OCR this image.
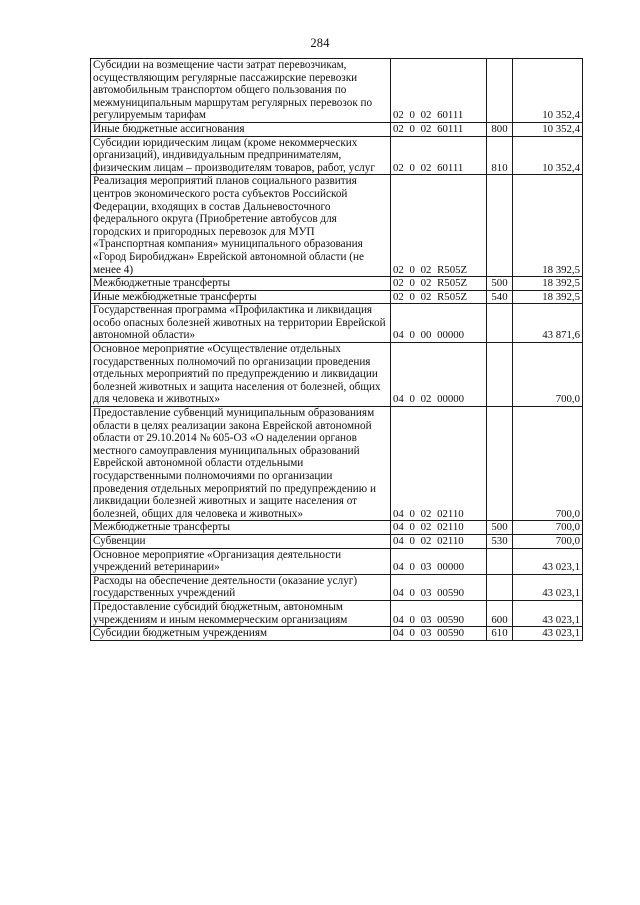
284
Субсидии на возмещение части затрат перевозчикам, осуществляющим регулярные пассажирские перевозки автомобильным транспортом общего пользования по межмуниципальным маршрутам регулярных перевозок по регулируемым тарифам	02 0 02 60111		10 352,4
Иные бюджетные ассигнования	02 0 02 60111	800	10 352,4
Субсидии юридическим лицам (кроме некоммерческих организаций), индивидуальным предпринимателям, физическим лицам – производителям товаров, работ, услуг	02 0 02 60111	810	10 352,4
Реализация мероприятий планов социального развития центров экономического роста субъектов Российской Федерации, входящих в состав Дальневосточного федерального округа (Приобретение автобусов для городских и пригородных перевозок для МУП «Транспортная компания» муниципального образования «Город Биробиджан» Еврейской автономной области (не менее 4)	02 0 02 R505Z		18 392,5
Межбюджетные трансферты	02 0 02 R505Z	500	18 392,5
Иные межбюджетные трансферты	02 0 02 R505Z	540	18 392,5
Государственная программа «Профилактика и ликвидация особо опасных болезней животных на территории Еврейской автономной области»	04 0 00 00000		43 871,6
Основное мероприятие «Осуществление отдельных государственных полномочий по организации проведения отдельных мероприятий по предупреждению и ликвидации болезней животных и защита населения от болезней, общих для человека и животных»	04 0 02 00000		700,0
Предоставление субвенций муниципальным образованиям области в целях реализации закона Еврейской автономной области от 29.10.2014 № 605-ОЗ «О наделении органов местного самоуправления муниципальных образований Еврейской автономной области отдельными государственными полномочиями по организации проведения отдельных мероприятий по предупреждению и ликвидации болезней животных и защите населения от болезней, общих для человека и животных»	04 0 02 02110		700,0
Межбюджетные трансферты	04 0 02 02110	500	700,0
Субвенции	04 0 02 02110	530	700,0
Основное мероприятие «Организация деятельности учреждений ветеринарии»	04 0 03 00000		43 023,1
Расходы на обеспечение деятельности (оказание услуг) государственных учреждений	04 0 03 00590		43 023,1
Предоставление субсидий бюджетным, автономным учреждениям и иным некоммерческим организациям	04 0 03 00590	600	43 023,1
Субсидии бюджетным учреждениям	04 0 03 00590	610	43 023,1
